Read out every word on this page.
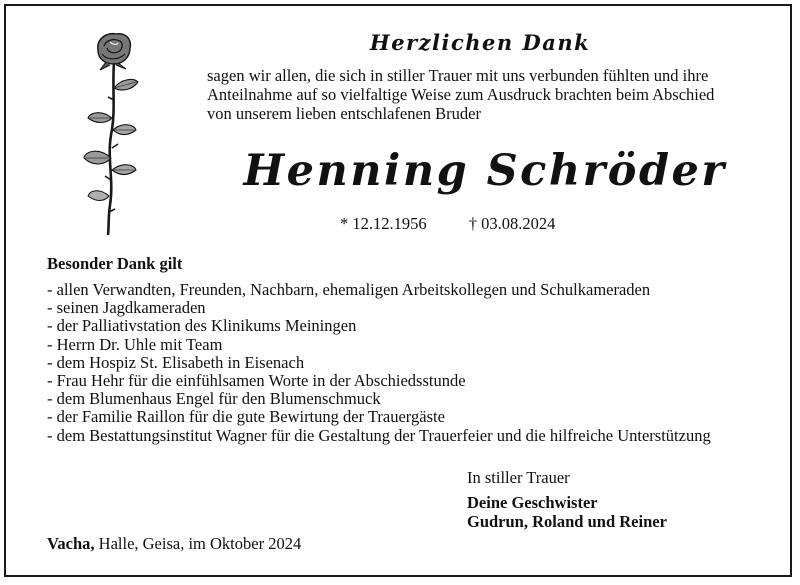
Herzlichen Dank
sagen wir allen, die sich in stiller Trauer mit uns verbunden fühlten und ihre
Anteilnahme auf so vielfaltige Weise zum Ausdruck brachten beim Abschied
von unserem lieben entschlafenen Bruder
Henning Schröder
* 12.12.1956	† 03.08.2024
Besonder Dank gilt
- allen Verwandten, Freunden, Nachbarn, ehemaligen Arbeitskollegen und Schulkameraden
- seinen Jagdkameraden
- der Palliativstation des Klinikums Meiningen
- Herrn Dr. Uhle mit Team
- dem Hospiz St. Elisabeth in Eisenach
- Frau Hehr für die einfühlsamen Worte in der Abschiedsstunde
- dem Blumenhaus Engel für den Blumenschmuck
- der Familie Raillon für die gute Bewirtung der Trauergäste
- dem Bestattungsinstitut Wagner für die Gestaltung der Trauerfeier und die hilfreiche Unterstützung
In stiller Trauer
Deine Geschwister
Gudrun, Roland und Reiner
Vacha, Halle, Geisa, im Oktober 2024
